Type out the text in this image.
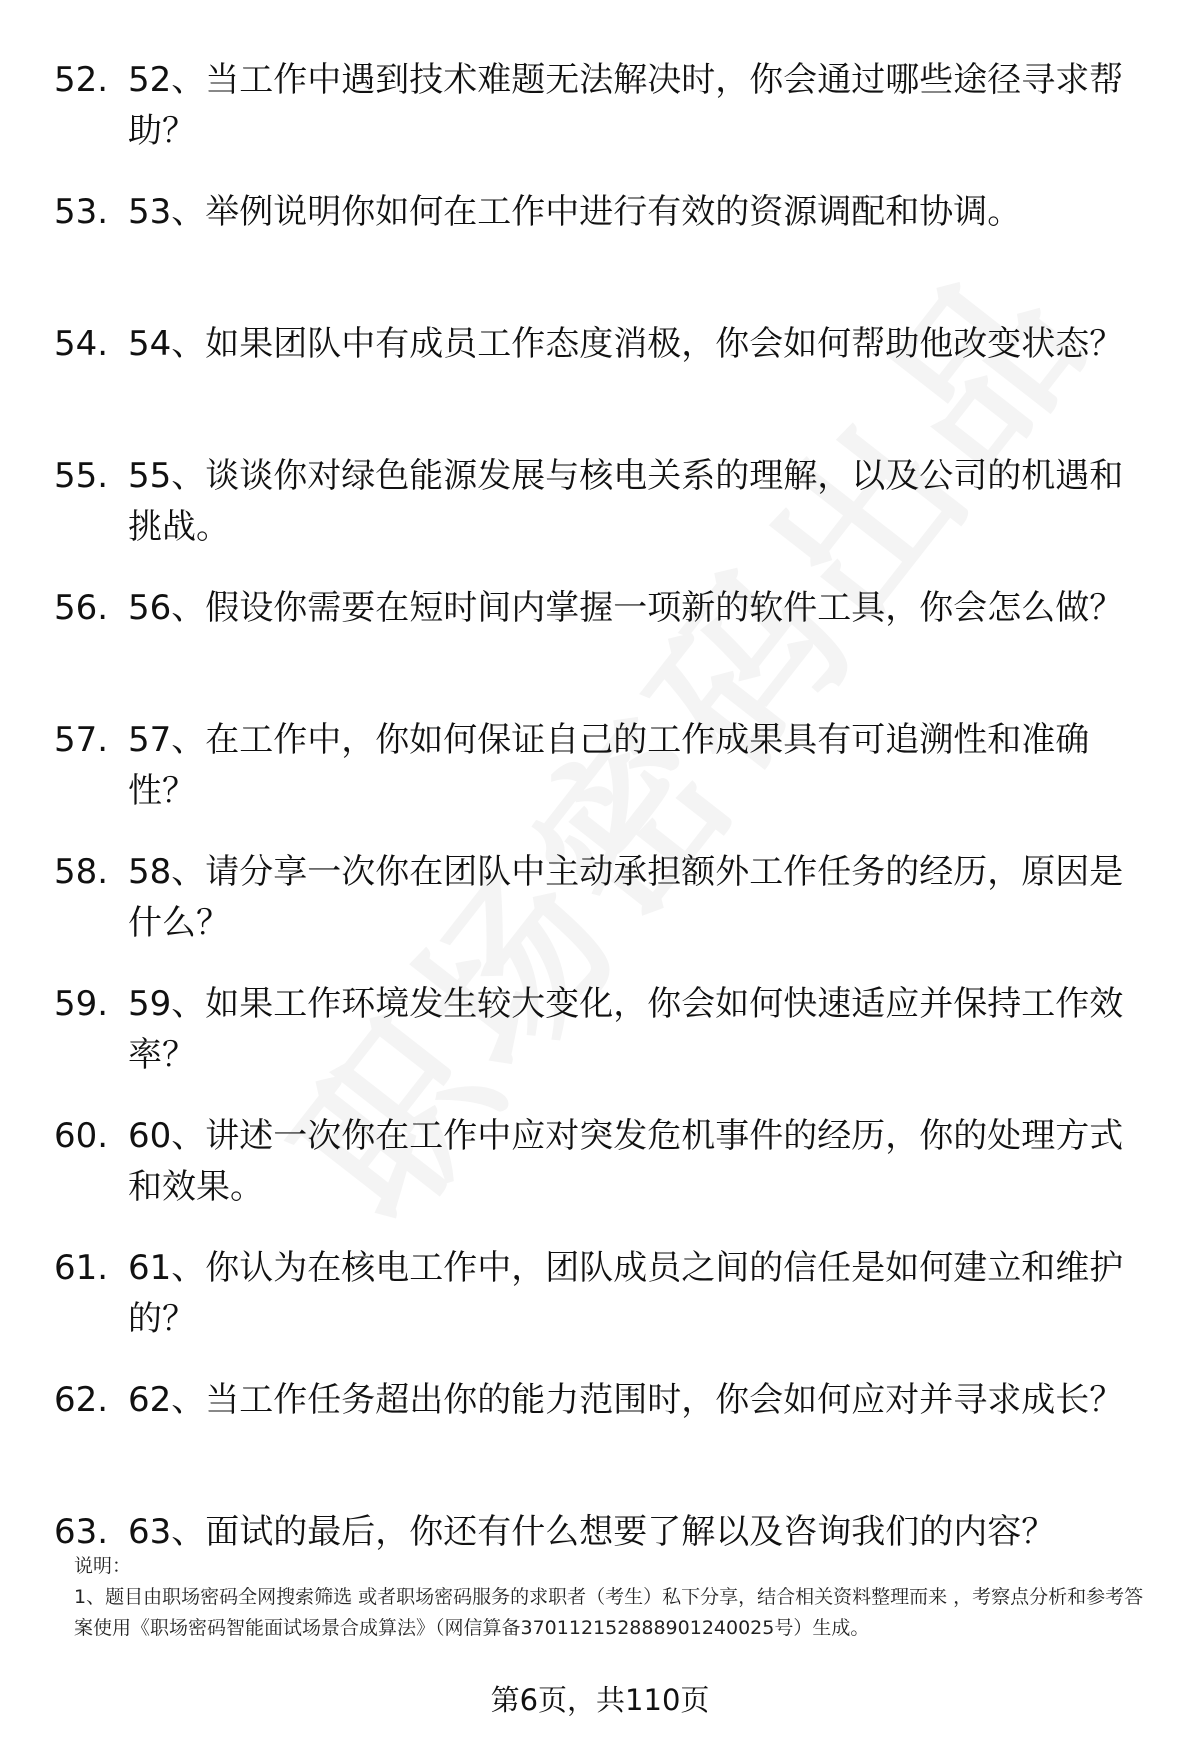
52. 52、当工作中遇到技术难题无法解决时，你会通过哪些途径寻求帮助？
53. 53、举例说明你如何在工作中进行有效的资源调配和协调。
54. 54、如果团队中有成员工作态度消极，你会如何帮助他改变状态？
55. 55、谈谈你对绿色能源发展与核电关系的理解，以及公司的机遇和挑战。
56. 56、假设你需要在短时间内掌握一项新的软件工具，你会怎么做？
57. 57、在工作中，你如何保证自己的工作成果具有可追溯性和准确性？
58. 58、请分享一次你在团队中主动承担额外工作任务的经历，原因是什么？
59. 59、如果工作环境发生较大变化，你会如何快速适应并保持工作效率？
60. 60、讲述一次你在工作中应对突发危机事件的经历，你的处理方式和效果。
61. 61、你认为在核电工作中，团队成员之间的信任是如何建立和维护的？
62. 62、当工作任务超出你的能力范围时，你会如何应对并寻求成长？
63. 63、面试的最后，你还有什么想要了解以及咨询我们的内容？

说明：

1、题目由职场密码全网搜索筛选 或者职场密码服务的求职者（考生）私下分享，结合相关资料整理而来 ，考察点分析和参考答案使用《职场密码智能面试场景合成算法》（网信算备370112152888901240025号）生成。

第6页，共110页
